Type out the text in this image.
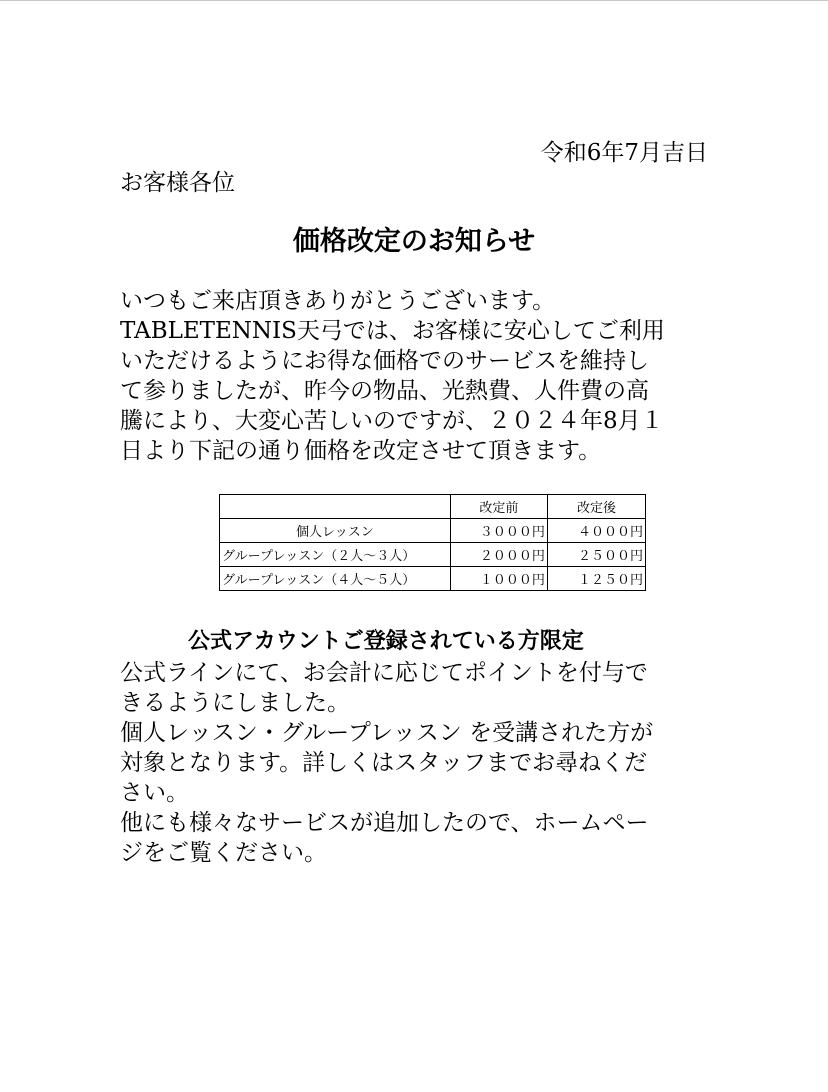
令和6年7月吉日
お客様各位
価格改定のお知らせ

いつもご来店頂きありがとうございます。

TABLETENNIS天弓では、お客様に安心してご利用

いただけるようにお得な価格でのサービスを維持し

て参りましたが、昨今の物品、光熱費、人件費の高

騰により、大変心苦しいのですが、２０２４年8月１

日より下記の通り価格を改定させて頂きます。

	改定前	改定後
個人レッスン	３０００円	４０００円
グループレッスン（２人〜３人）	２０００円	２５００円
グループレッスン（４人〜５人）	１０００円	１２５０円

公式アカウントご登録されている方限定

公式ラインにて、お会計に応じてポイントを付与で

きるようにしました。

個人レッスン・グループレッスン を受講された方が

対象となります。詳しくはスタッフまでお尋ねくだ

さい。

他にも様々なサービスが追加したので、ホームペー

ジをご覧ください。
